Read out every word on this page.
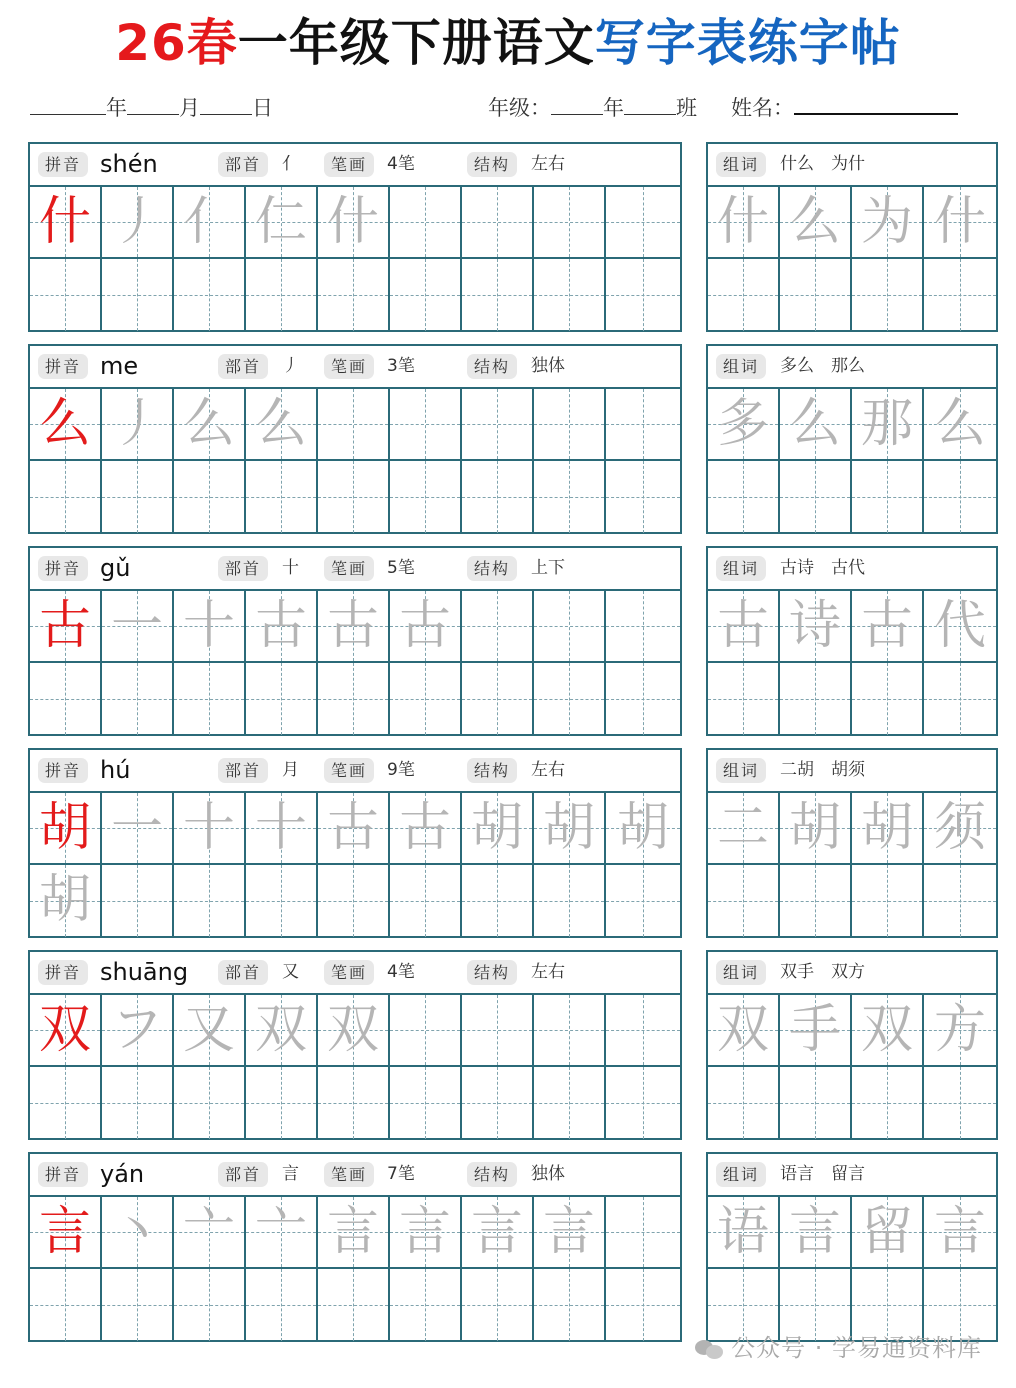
26春一年级下册语文写字表练字帖
年 月 日	年级： 年 班 姓名：
拼音 shén	部首	亻	笔画	4笔	结构	左右
什 丿 亻 仁 什
组词	什么　为什
什 么 为 什
拼音 me	部首	丿	笔画	3笔	结构	独体
么 丿 么 么
组词	多么　那么
多 么 那 么
拼音 gǔ	部首	十	笔画	5笔	结构	上下
古 一 十 古 古 古
组词	古诗　古代
古 诗 古 代
拼音 hú	部首	月	笔画	9笔	结构	左右
胡 一 十 十 古 古 胡 胡 胡
胡
组词	二胡　胡须
二 胡 胡 须
拼音 shuāng	部首	又	笔画	4笔	结构	左右
双 フ 又 双 双
组词	双手　双方
双 手 双 方
拼音 yán	部首	言	笔画	7笔	结构	独体
言 丶 亠 亠 言 言 言 言
组词	语言　留言
语 言 留 言
公众号 · 学易通资料库
